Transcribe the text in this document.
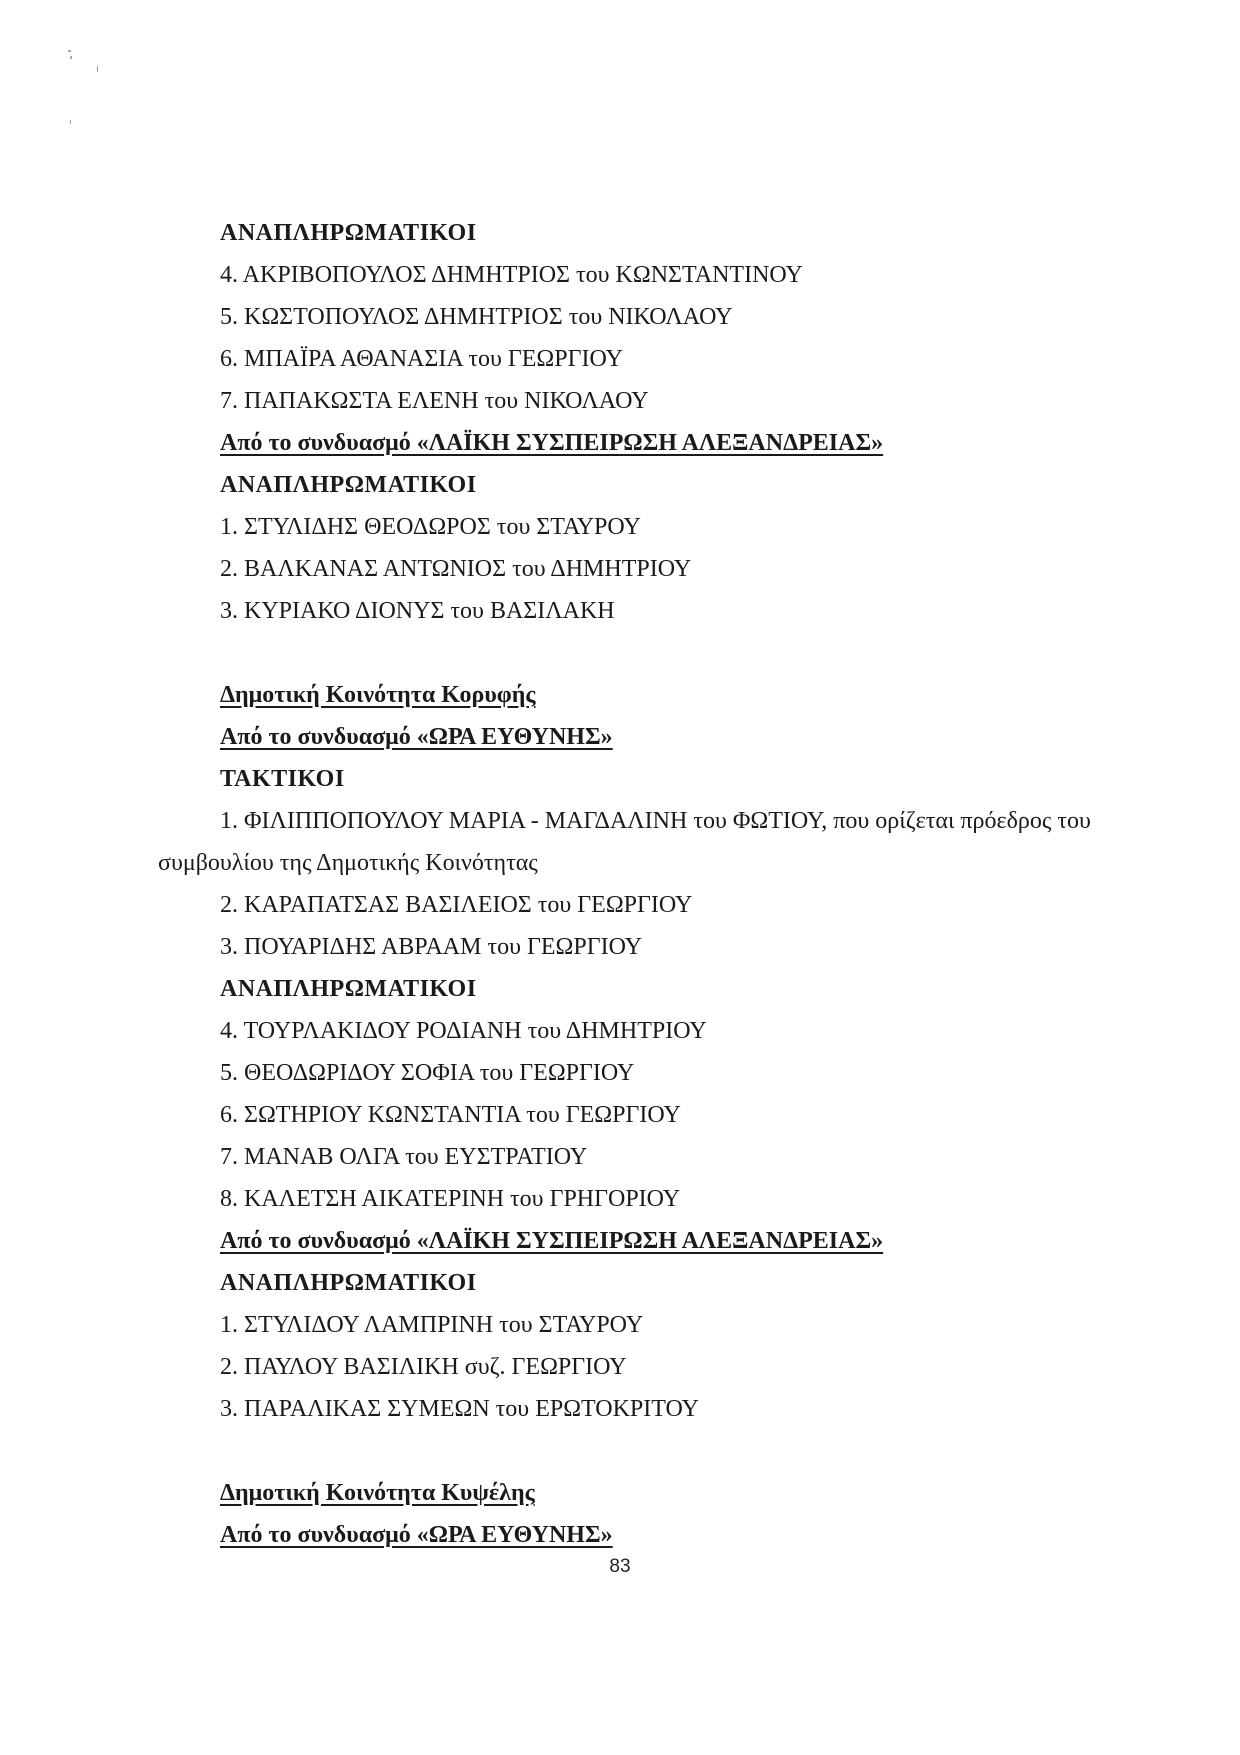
ΑΝΑΠΛΗΡΩΜΑΤΙΚΟΙ
4. ΑΚΡΙΒΟΠΟΥΛΟΣ ΔΗΜΗΤΡΙΟΣ του ΚΩΝΣΤΑΝΤΙΝΟΥ
5. ΚΩΣΤΟΠΟΥΛΟΣ ΔΗΜΗΤΡΙΟΣ του ΝΙΚΟΛΑΟΥ
6. ΜΠΑΪΡΑ ΑΘΑΝΑΣΙΑ του ΓΕΩΡΓΙΟΥ
7. ΠΑΠΑΚΩΣΤΑ ΕΛΕΝΗ του ΝΙΚΟΛΑΟΥ
Από το συνδυασμό «ΛΑΪΚΗ ΣΥΣΠΕΙΡΩΣΗ ΑΛΕΞΑΝΔΡΕΙΑΣ»
ΑΝΑΠΛΗΡΩΜΑΤΙΚΟΙ
1. ΣΤΥΛΙΔΗΣ ΘΕΟΔΩΡΟΣ του ΣΤΑΥΡΟΥ
2. ΒΑΛΚΑΝΑΣ ΑΝΤΩΝΙΟΣ του ΔΗΜΗΤΡΙΟΥ
3. ΚΥΡΙΑΚΟ ΔΙΟΝΥΣ του ΒΑΣΙΛΑΚΗ
Δημοτική Κοινότητα Κορυφής
Από το συνδυασμό «ΩΡΑ ΕΥΘΥΝΗΣ»
ΤΑΚΤΙΚΟΙ
1. ΦΙΛΙΠΠΟΠΟΥΛΟΥ ΜΑΡΙΑ - ΜΑΓΔΑΛΙΝΗ του ΦΩΤΙΟΥ, που ορίζεται πρόεδρος του
συμβουλίου της Δημοτικής Κοινότητας
2. ΚΑΡΑΠΑΤΣΑΣ ΒΑΣΙΛΕΙΟΣ του ΓΕΩΡΓΙΟΥ
3. ΠΟΥΑΡΙΔΗΣ ΑΒΡΑΑΜ του ΓΕΩΡΓΙΟΥ
ΑΝΑΠΛΗΡΩΜΑΤΙΚΟΙ
4. ΤΟΥΡΛΑΚΙΔΟΥ ΡΟΔΙΑΝΗ του ΔΗΜΗΤΡΙΟΥ
5. ΘΕΟΔΩΡΙΔΟΥ ΣΟΦΙΑ του ΓΕΩΡΓΙΟΥ
6. ΣΩΤΗΡΙΟΥ ΚΩΝΣΤΑΝΤΙΑ του ΓΕΩΡΓΙΟΥ
7. ΜΑΝΑΒ ΟΛΓΑ του ΕΥΣΤΡΑΤΙΟΥ
8. ΚΑΛΕΤΣΗ ΑΙΚΑΤΕΡΙΝΗ του ΓΡΗΓΟΡΙΟΥ
Από το συνδυασμό «ΛΑΪΚΗ ΣΥΣΠΕΙΡΩΣΗ ΑΛΕΞΑΝΔΡΕΙΑΣ»
ΑΝΑΠΛΗΡΩΜΑΤΙΚΟΙ
1. ΣΤΥΛΙΔΟΥ ΛΑΜΠΡΙΝΗ του ΣΤΑΥΡΟΥ
2. ΠΑΥΛΟΥ ΒΑΣΙΛΙΚΗ συζ. ΓΕΩΡΓΙΟΥ
3. ΠΑΡΑΛΙΚΑΣ ΣΥΜΕΩΝ του ΕΡΩΤΟΚΡΙΤΟΥ
Δημοτική Κοινότητα Κυψέλης
Από το συνδυασμό «ΩΡΑ ΕΥΘΥΝΗΣ»
83
